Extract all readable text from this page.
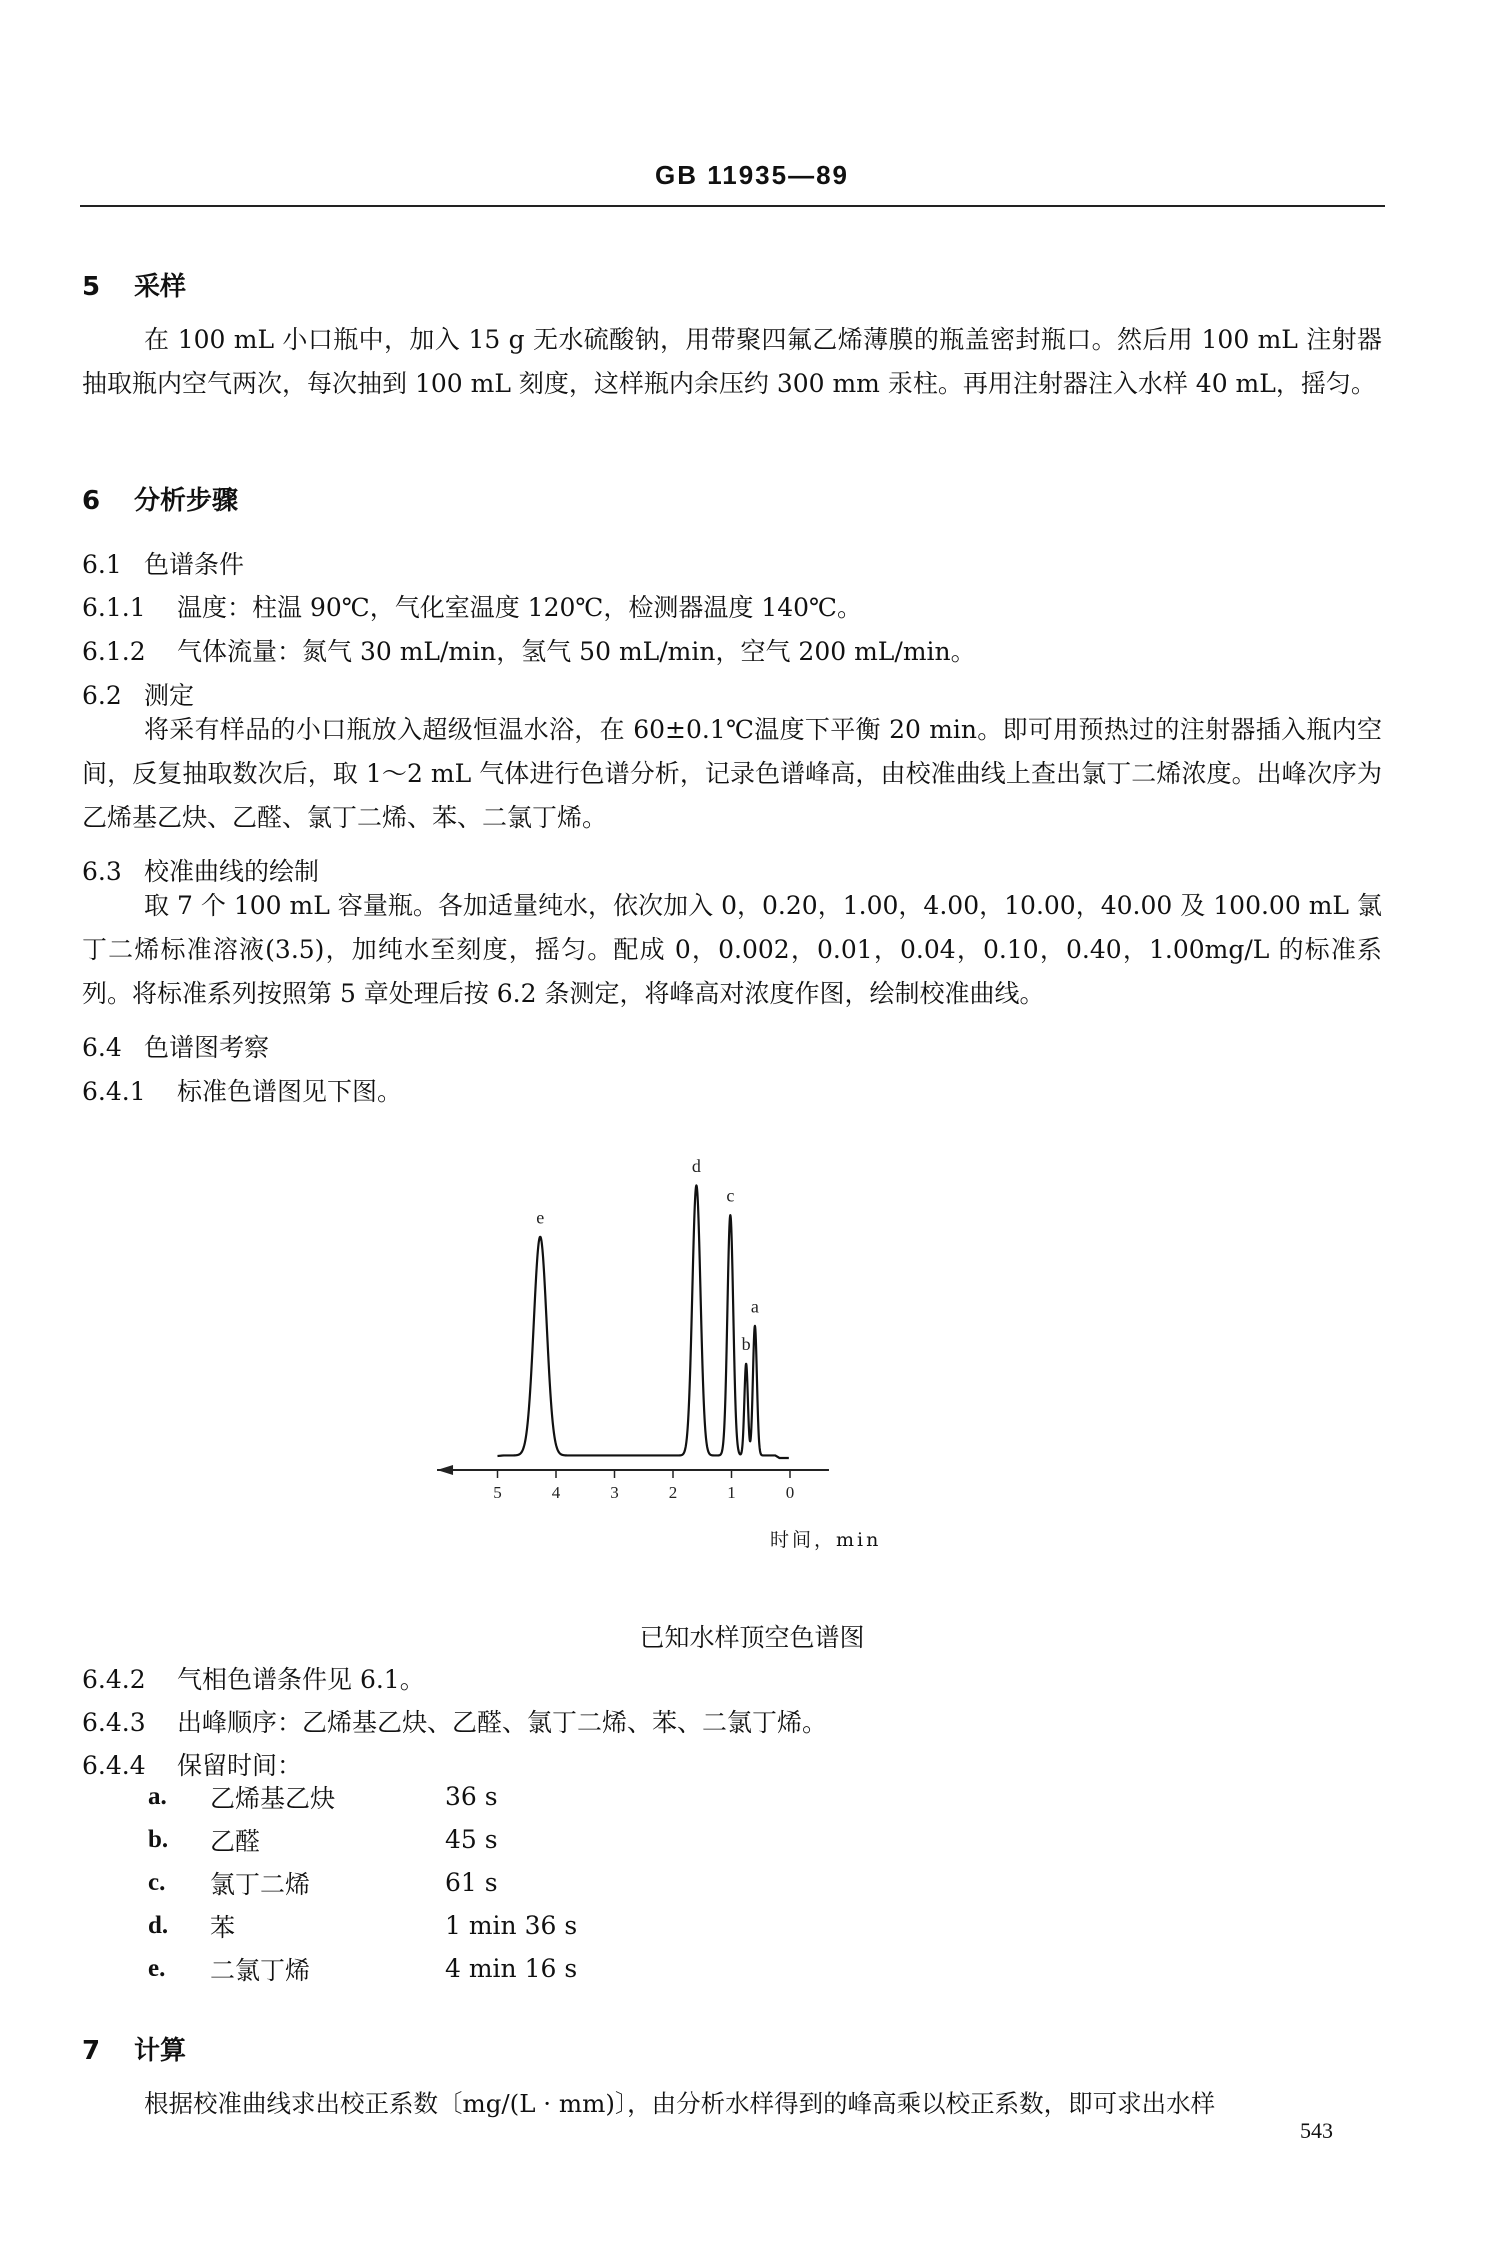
GB 11935—89
5 采样

在 100 mL 小口瓶中，加入 15 g 无水硫酸钠，用带聚四氟乙烯薄膜的瓶盖密封瓶口。然后用 100 mL 注射器抽取瓶内空气两次，每次抽到 100 mL 刻度，这样瓶内余压约 300 mm 汞柱。再用注射器注入水样 40 mL，摇匀。

6 分析步骤
6.1 色谱条件
6.1.1 温度：柱温 90℃，气化室温度 120℃，检测器温度 140℃。
6.1.2 气体流量：氮气 30 mL/min，氢气 50 mL/min，空气 200 mL/min。
6.2 测定

将采有样品的小口瓶放入超级恒温水浴，在 60±0.1℃温度下平衡 20 min。即可用预热过的注射器插入瓶内空间，反复抽取数次后，取 1～2 mL 气体进行色谱分析，记录色谱峰高，由校准曲线上查出氯丁二烯浓度。出峰次序为乙烯基乙炔、乙醛、氯丁二烯、苯、二氯丁烯。

6.3 校准曲线的绘制

取 7 个 100 mL 容量瓶。各加适量纯水，依次加入 0，0.20，1.00，4.00，10.00，40.00 及 100.00 mL 氯丁二烯标准溶液(3.5)，加纯水至刻度，摇匀。配成 0，0.002，0.01，0.04，0.10，0.40，1.00mg/L 的标准系列。将标准系列按照第 5 章处理后按 6.2 条测定，将峰高对浓度作图，绘制校准曲线。

6.4 色谱图考察
6.4.1 标准色谱图见下图。
5	4	3	2	1	0
a
b
c
d
e
时间，min
已知水样顶空色谱图
6.4.2 气相色谱条件见 6.1。
6.4.3 出峰顺序：乙烯基乙炔、乙醛、氯丁二烯、苯、二氯丁烯。
6.4.4 保留时间：
a.	乙烯基乙炔	36 s
b.	乙醛	45 s
c.	氯丁二烯	61 s
d.	苯	1 min 36 s
e.	二氯丁烯	4 min 16 s
7 计算

根据校准曲线求出校正系数〔mg/(L · mm)〕，由分析水样得到的峰高乘以校正系数，即可求出水样

543
